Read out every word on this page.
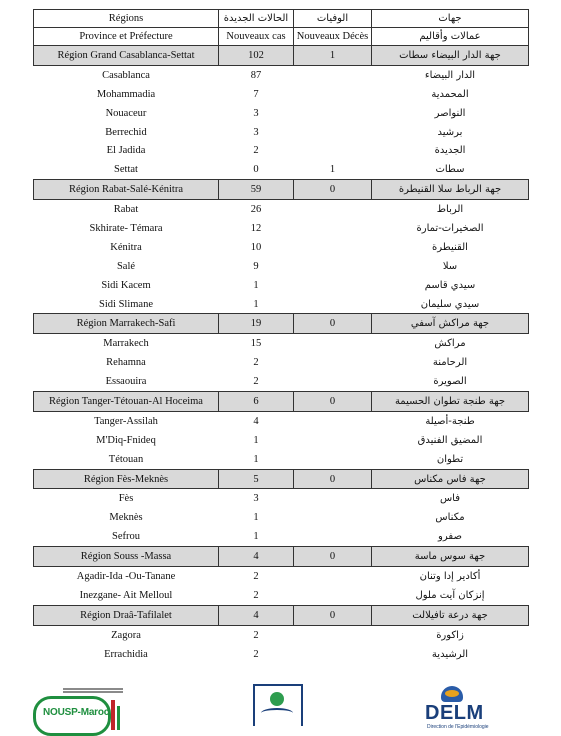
Régions	الحالات الجديدة	الوفيات	جهات
Province et Préfecture	Nouveaux cas	Nouveaux Décès	عمالات وأقاليم
Région Grand Casablanca-Settat	102	1	جهة الدار البيضاء سطات
Casablanca	87		الدار البيضاء
Mohammadia	7		المحمدية
Nouaceur	3		النواصر
Berrechid	3		برشيد
El Jadida	2		الجديدة
Settat	0	1	سطات
Région Rabat-Salé-Kénitra	59	0	جهة الرباط سلا القنيطرة
Rabat	26		الرباط
Skhirate- Témara	12		الصخيرات-تمارة
Kénitra	10		القنيطرة
Salé	9		سلا
Sidi Kacem	1		سيدي قاسم
Sidi Slimane	1		سيدي سليمان
Région Marrakech-Safi	19	0	جهة مراكش آسفي
Marrakech	15		مراكش
Rehamna	2		الرحامنة
Essaouira	2		الصويرة
Région Tanger-Tétouan-Al Hoceima	6	0	جهة طنجة تطوان الحسيمة
Tanger-Assilah	4		طنجة-أصيلة
M'Diq-Fnideq	1		المضيق الفنيدق
Tétouan	1		تطوان
Région Fès-Meknès	5	0	جهة فاس مكناس
Fès	3		فاس
Meknès	1		مكناس
Sefrou	1		صفرو
Région Souss -Massa	4	0	جهة سوس ماسة
Agadir-Ida -Ou-Tanane	2		أكادير إدا وتنان
Inezgane- Ait Melloul	2		إنزكان آيت ملول
Région Draâ-Tafilalet	4	0	جهة درعة تافيلالت
Zagora	2		زاكورة
Errachidia	2		الرشيدية
NOUSP-Maroc	DELM
Direction de l'Epidémiologie
